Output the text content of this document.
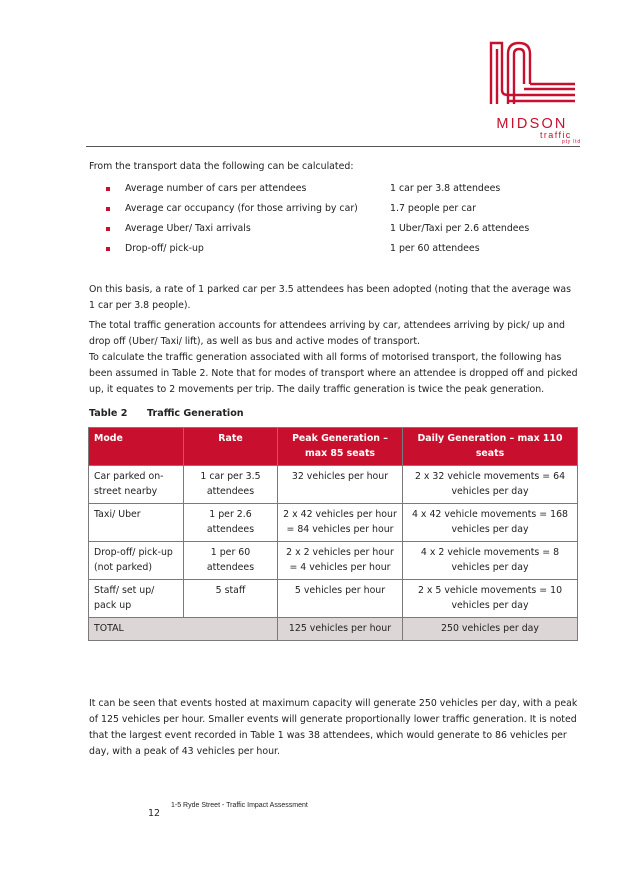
MIDSON
traffic
pty ltd

From the transport data the following can be calculated:

Average number of cars per attendees	1 car per 3.8 attendees
Average car occupancy (for those arriving by car)	1.7 people per car
Average Uber/ Taxi arrivals	1 Uber/Taxi per 2.6 attendees
Drop-off/ pick-up	1 per 60 attendees

On this basis, a rate of 1 parked car per 3.5 attendees has been adopted (noting that the average was 1 car per 3.8 people).

The total traffic generation accounts for attendees arriving by car, attendees arriving by pick/ up and drop off (Uber/ Taxi/ lift), as well as bus and active modes of transport.

To calculate the traffic generation associated with all forms of motorised transport, the following has been assumed in Table 2. Note that for modes of transport where an attendee is dropped off and picked up, it equates to 2 movements per trip. The daily traffic generation is twice the peak generation.

Table 2 Traffic Generation
Mode	Rate	Peak Generation – max 85 seats	Daily Generation – max 110 seats
Car parked on-street nearby	1 car per 3.5 attendees	32 vehicles per hour	2 x 32 vehicle movements = 64 vehicles per day
Taxi/ Uber	1 per 2.6 attendees	2 x 42 vehicles per hour = 84 vehicles per hour	4 x 42 vehicle movements = 168 vehicles per day
Drop-off/ pick-up (not parked)	1 per 60 attendees	2 x 2 vehicles per hour = 4 vehicles per hour	4 x 2 vehicle movements = 8 vehicles per day
Staff/ set up/ pack up	5 staff	5 vehicles per hour	2 x 5 vehicle movements = 10 vehicles per day
TOTAL		125 vehicles per hour	250 vehicles per day

It can be seen that events hosted at maximum capacity will generate 250 vehicles per day, with a peak of 125 vehicles per hour. Smaller events will generate proportionally lower traffic generation. It is noted that the largest event recorded in Table 1 was 38 attendees, which would generate to 86 vehicles per day, with a peak of 43 vehicles per hour.

12
1-5 Ryde Street - Traffic Impact Assessment
